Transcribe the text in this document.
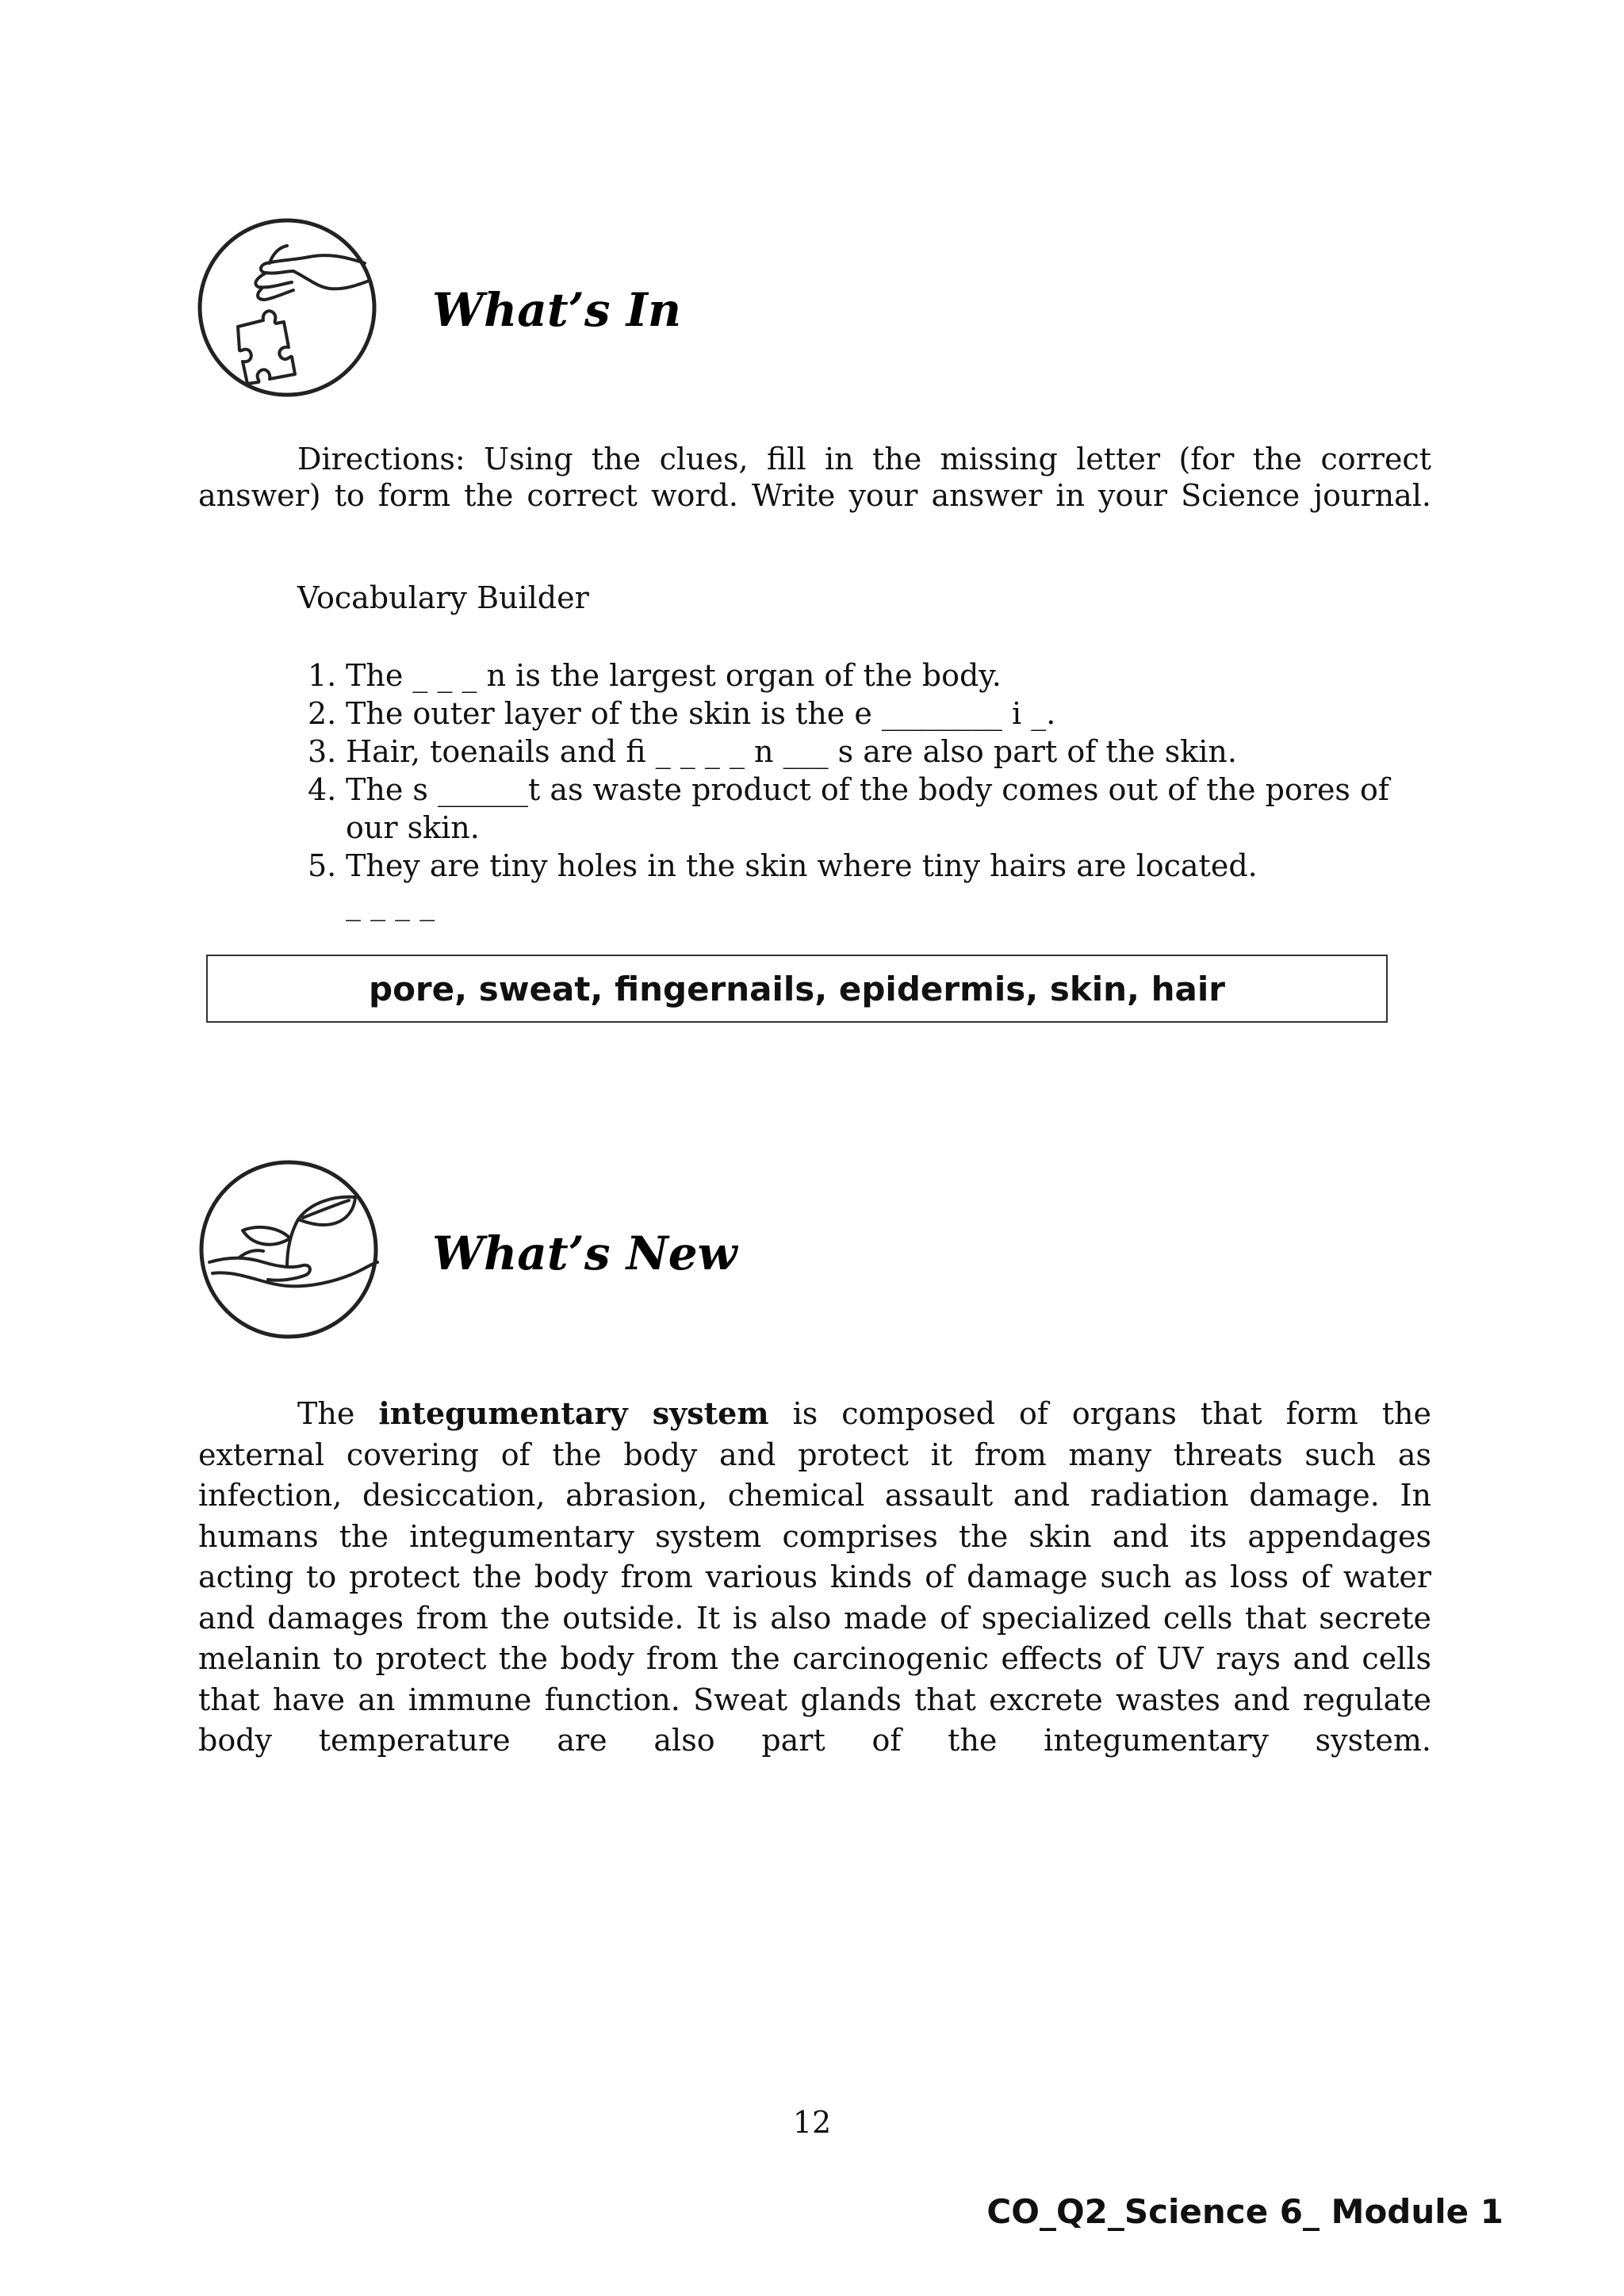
What’s In

Directions: Using the clues, fill in the missing letter (for the correct answer) to form the correct word. Write your answer in your Science journal.

Vocabulary Builder

1. The _ _ _ n is the largest organ of the body.
2. The outer layer of the skin is the e ________ i _.
3. Hair, toenails and fi _ _ _ _ n ___ s are also part of the skin.
4. The s ______t as waste product of the body comes out of the pores of our skin.
5. They are tiny holes in the skin where tiny hairs are located.
_ _ _ _
pore, sweat, fingernails, epidermis, skin, hair
What’s New

The integumentary system is composed of organs that form the external covering of the body and protect it from many threats such as infection, desiccation, abrasion, chemical assault and radiation damage. In humans the integumentary system comprises the skin and its appendages acting to protect the body from various kinds of damage such as loss of water and damages from the outside. It is also made of specialized cells that secrete melanin to protect the body from the carcinogenic effects of UV rays and cells that have an immune function. Sweat glands that excrete wastes and regulate body temperature are also part of the integumentary system.

12
CO_Q2_Science 6_ Module 1
